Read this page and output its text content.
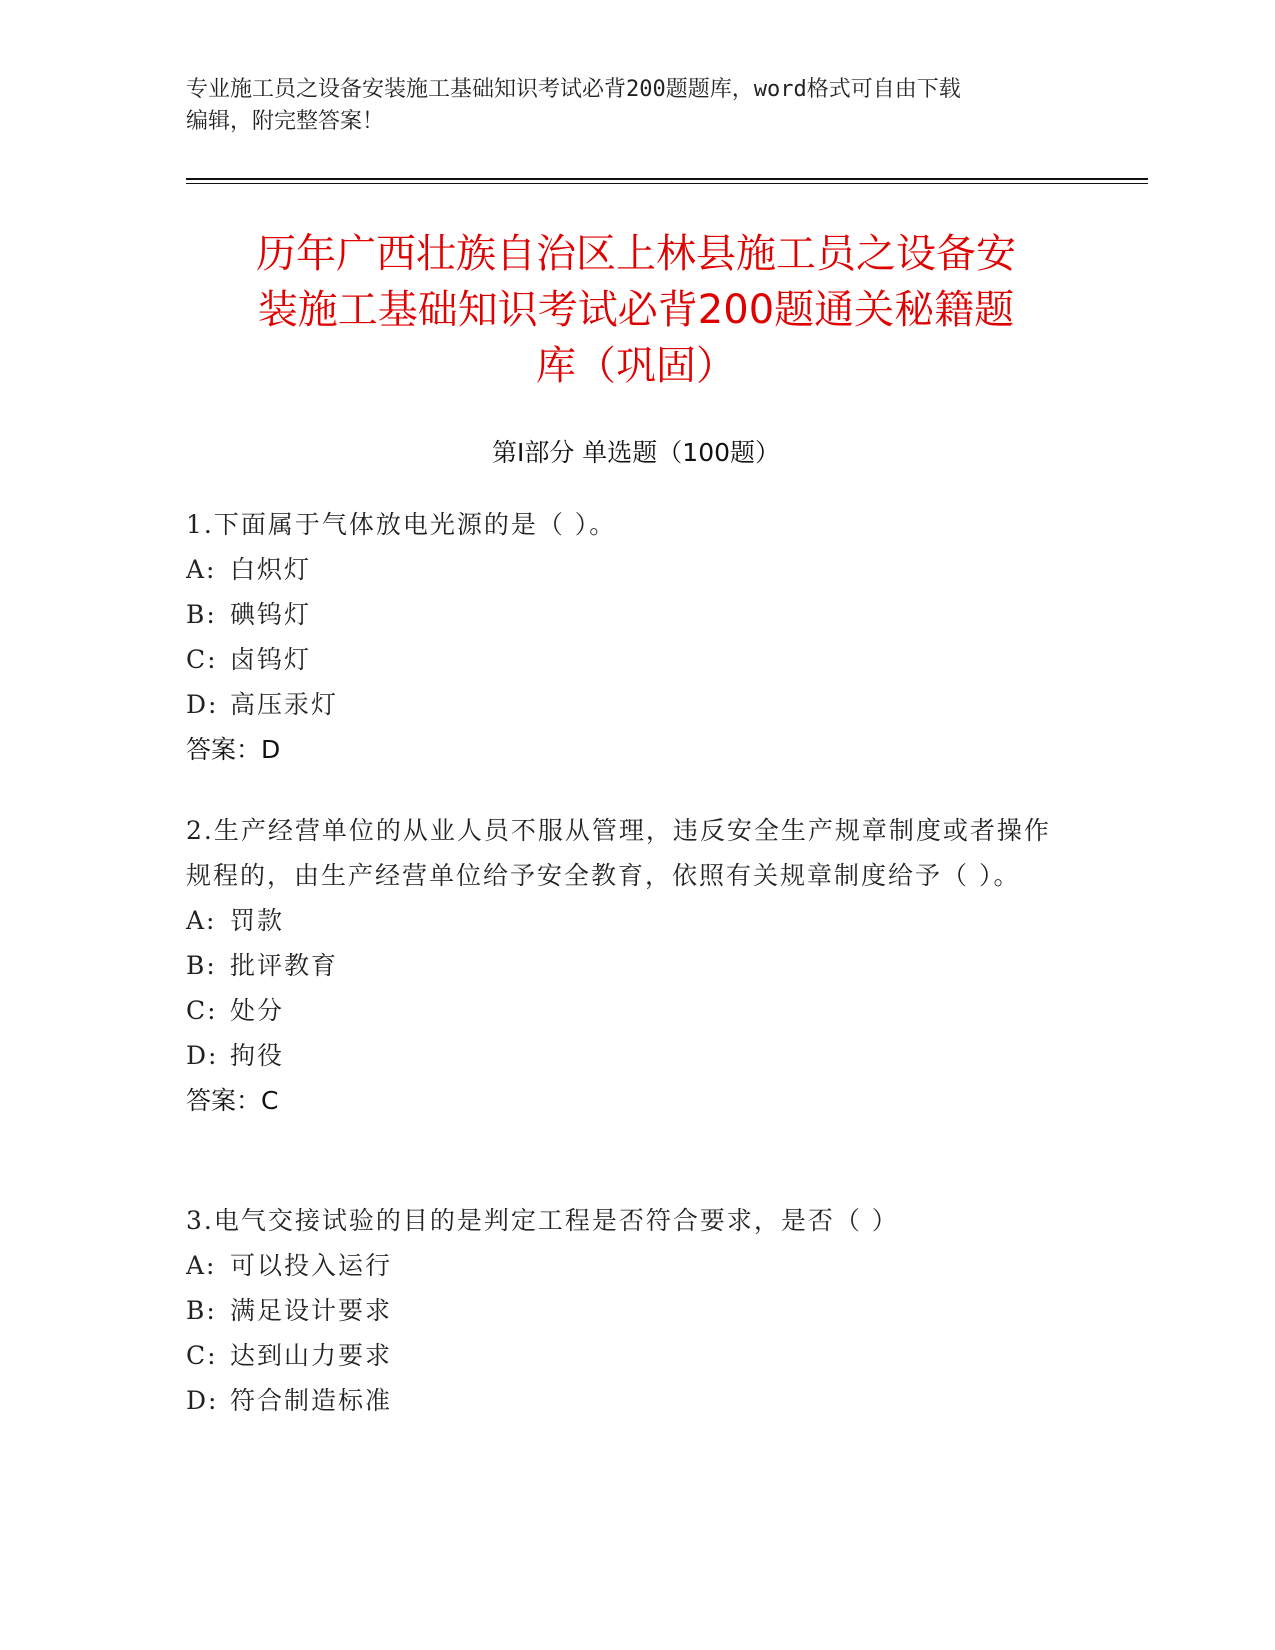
专业施工员之设备安装施工基础知识考试必背200题题库，word格式可自由下载
编辑，附完整答案！
历年广西壮族自治区上林县施工员之设备安
装施工基础知识考试必背200题通关秘籍题
库（巩固）
第Ⅰ部分 单选题（100题）
1.下面属于气体放电光源的是（ ）。
A: 白炽灯
B: 碘钨灯
C: 卤钨灯
D: 高压汞灯
答案：D
2.生产经营单位的从业人员不服从管理，违反安全生产规章制度或者操作规程的，由生产经营单位给予安全教育，依照有关规章制度给予（ ）。
A: 罚款
B: 批评教育
C: 处分
D: 拘役
答案：C
3.电气交接试验的目的是判定工程是否符合要求，是否（ ）
A: 可以投入运行
B: 满足设计要求
C: 达到山力要求
D: 符合制造标准
